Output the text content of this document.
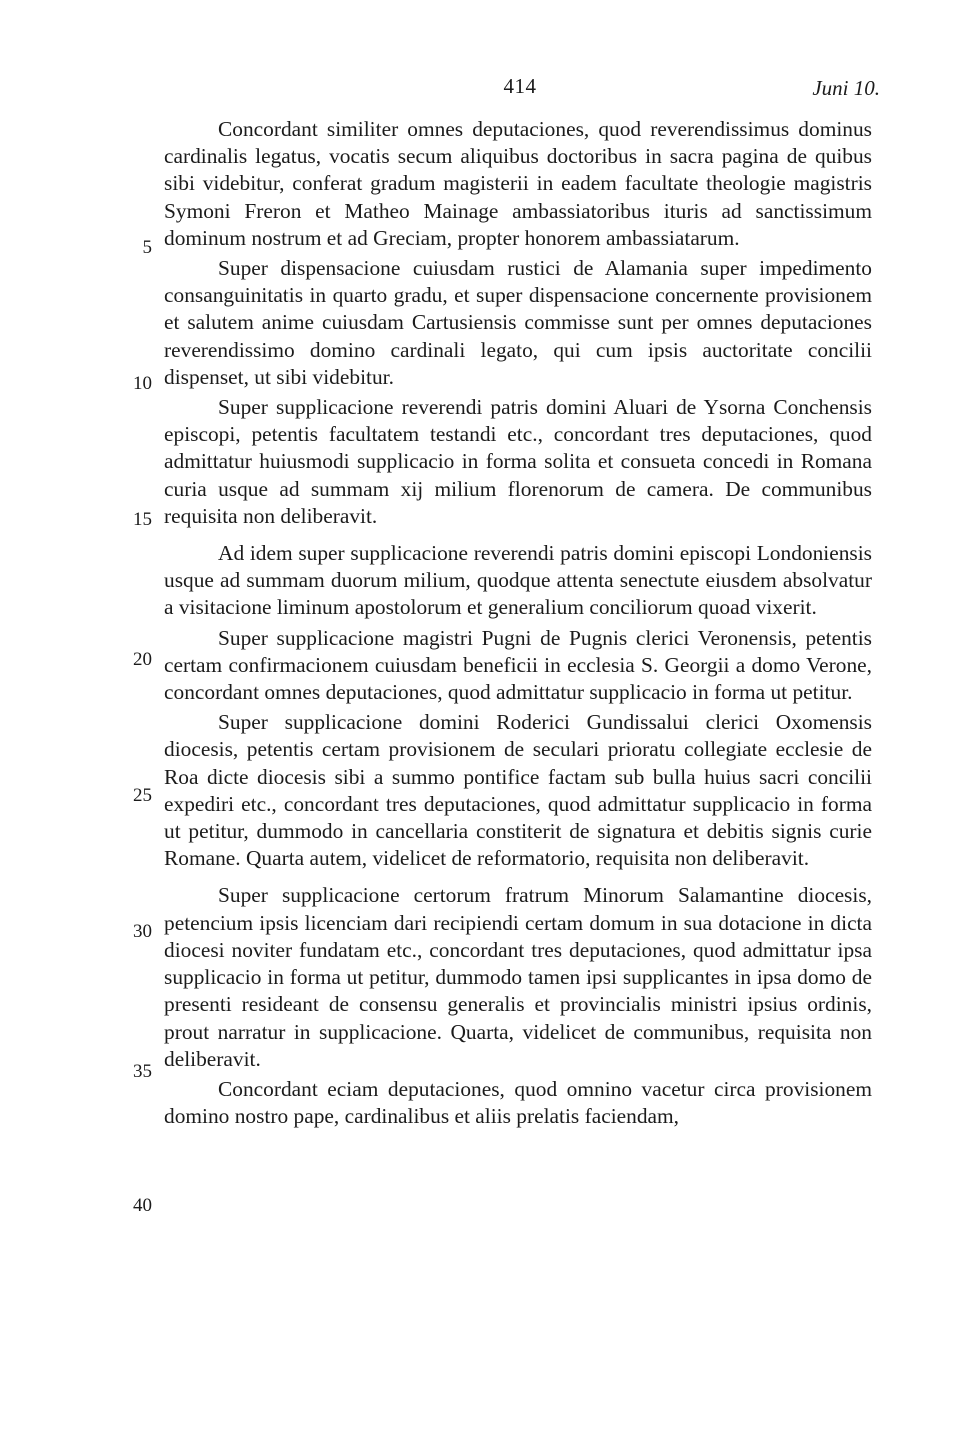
414	Juni 10.
5
10
15
20
25
30
35
40

Concordant similiter omnes deputaciones, quod reverendissimus dominus cardinalis legatus, vocatis secum aliquibus doctoribus in sacra pagina de quibus sibi videbitur, conferat gradum magisterii in eadem facultate theologie magistris Symoni Freron et Matheo Mainage ambassiatoribus ituris ad sanctissimum dominum nostrum et ad Greciam, propter honorem ambassiatarum.

Super dispensacione cuiusdam rustici de Alamania super impedimento consanguinitatis in quarto gradu, et super dispensacione concernente provisionem et salutem anime cuiusdam Cartusiensis commisse sunt per omnes deputaciones reverendissimo domino cardinali legato, qui cum ipsis auctoritate concilii dispenset, ut sibi videbitur.

Super supplicacione reverendi patris domini Aluari de Ysorna Conchensis episcopi, petentis facultatem testandi etc., concordant tres deputaciones, quod admittatur huiusmodi supplicacio in forma solita et consueta concedi in Romana curia usque ad summam xij milium florenorum de camera. De communibus requisita non deliberavit.

Ad idem super supplicacione reverendi patris domini episcopi Londoniensis usque ad summam duorum milium, quodque attenta senectute eiusdem absolvatur a visitacione liminum apostolorum et generalium conciliorum quoad vixerit.

Super supplicacione magistri Pugni de Pugnis clerici Veronensis, petentis certam confirmacionem cuiusdam beneficii in ecclesia S. Georgii a domo Verone, concordant omnes deputaciones, quod admittatur supplicacio in forma ut petitur.

Super supplicacione domini Roderici Gundissalui clerici Oxomensis diocesis, petentis certam provisionem de seculari prioratu collegiate ecclesie de Roa dicte diocesis sibi a summo pontifice factam sub bulla huius sacri concilii expediri etc., concordant tres deputaciones, quod admittatur supplicacio in forma ut petitur, dummodo in cancellaria constiterit de signatura et debitis signis curie Romane. Quarta autem, videlicet de reformatorio, requisita non deliberavit.

Super supplicacione certorum fratrum Minorum Salamantine diocesis, petencium ipsis licenciam dari recipiendi certam domum in sua dotacione in dicta diocesi noviter fundatam etc., concordant tres deputaciones, quod admittatur ipsa supplicacio in forma ut petitur, dummodo tamen ipsi supplicantes in ipsa domo de presenti resideant de consensu generalis et provincialis ministri ipsius ordinis, prout narratur in supplicacione. Quarta, videlicet de communibus, requisita non deliberavit.

Concordant eciam deputaciones, quod omnino vacetur circa provisionem domino nostro pape, cardinalibus et aliis prelatis faciendam,
